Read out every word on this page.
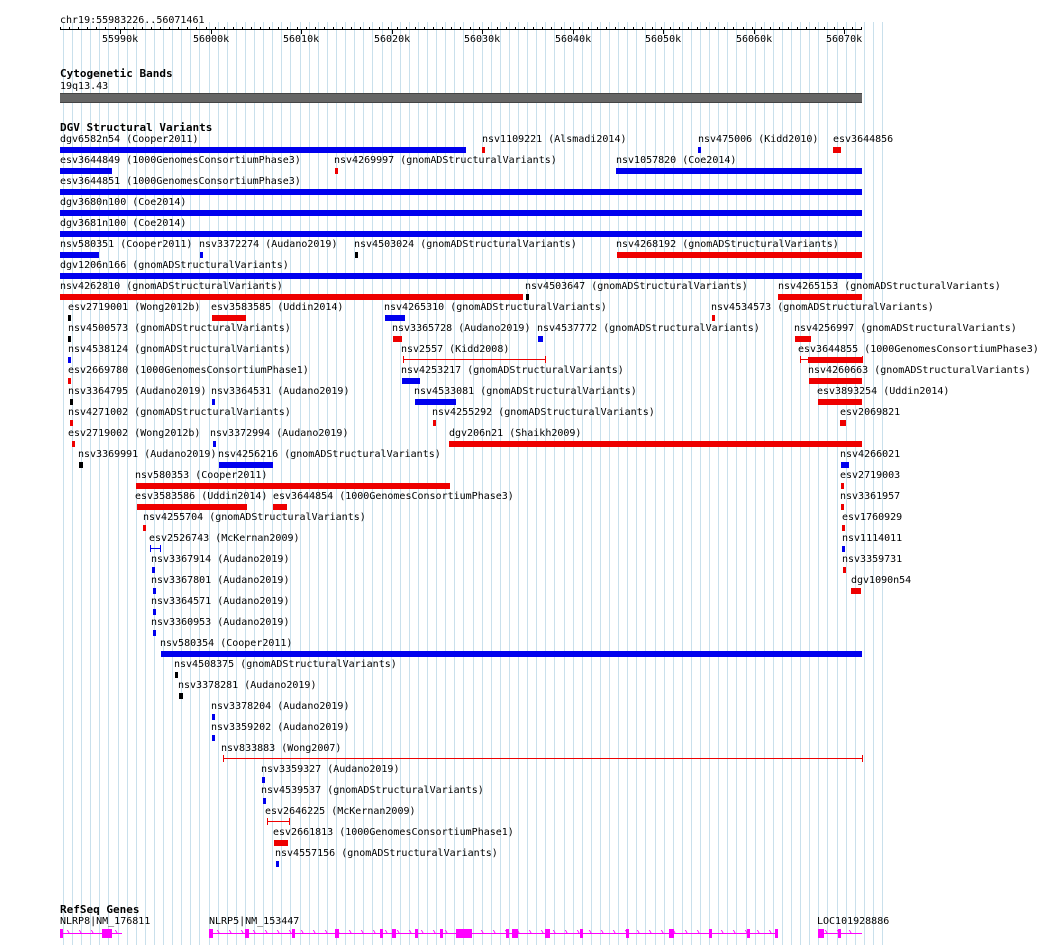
chr19:55983226..56071461
55990k	56000k	56010k	56020k	56030k	56040k	56050k	56060k	56070k
Cytogenetic Bands
19q13.43
DGV Structural Variants
dgv6582n54 (Cooper2011)	nsv1109221 (Alsmadi2014)	nsv475006 (Kidd2010) esv3644856
esv3644849 (1000GenomesConsortiumPhase3)	nsv4269997 (gnomADStructuralVariants)	nsv1057820 (Coe2014)
esv3644851 (1000GenomesConsortiumPhase3)
dgv3680n100 (Coe2014)
dgv3681n100 (Coe2014)
nsv580351 (Cooper2011) nsv3372274 (Audano2019) nsv4503024 (gnomADStructuralVariants)	nsv4268192 (gnomADStructuralVariants)
dgv1206n166 (gnomADStructuralVariants)
nsv4262810 (gnomADStructuralVariants)	nsv4503647 (gnomADStructuralVariants)	nsv4265153 (gnomADStructuralVariants)
esv2719001 (Wong2012b) esv3583585 (Uddin2014)	nsv4265310 (gnomADStructuralVariants)	nsv4534573 (gnomADStructuralVariants)
nsv4500573 (gnomADStructuralVariants)	nsv3365728 (Audano2019) nsv4537772 (gnomADStructuralVariants)	nsv4256997 (gnomADStructuralVariants)
nsv4538124 (gnomADStructuralVariants)	nsv2557 (Kidd2008)	esv3644855 (1000GenomesConsortiumPhase3)
esv2669780 (1000GenomesConsortiumPhase1)	nsv4253217 (gnomADStructuralVariants)	nsv4260663 (gnomADStructuralVariants)
nsv3364795 (Audano2019) nsv3364531 (Audano2019)	nsv4533081 (gnomADStructuralVariants)	esv3893254 (Uddin2014)
nsv4271002 (gnomADStructuralVariants)	nsv4255292 (gnomADStructuralVariants)	esv2069821
esv2719002 (Wong2012b) nsv3372994 (Audano2019)	dgv206n21 (Shaikh2009)
nsv3369991 (Audano2019) nsv4256216 (gnomADStructuralVariants)	nsv4266021
nsv580353 (Cooper2011)	esv2719003
esv3583586 (Uddin2014) esv3644854 (1000GenomesConsortiumPhase3)	nsv3361957
nsv4255704 (gnomADStructuralVariants)	esv1760929
esv2526743 (McKernan2009)	nsv1114011
nsv3367914 (Audano2019)	nsv3359731
nsv3367801 (Audano2019)	dgv1090n54
nsv3364571 (Audano2019)
nsv3360953 (Audano2019)
nsv580354 (Cooper2011)
nsv4508375 (gnomADStructuralVariants)
nsv3378281 (Audano2019)
nsv3378204 (Audano2019)
nsv3359202 (Audano2019)
nsv833883 (Wong2007)
nsv3359327 (Audano2019)
nsv4539537 (gnomADStructuralVariants)
esv2646225 (McKernan2009)
esv2661813 (1000GenomesConsortiumPhase1)
nsv4557156 (gnomADStructuralVariants)
RefSeq Genes
NLRP8|NM_176811	NLRP5|NM_153447	LOC101928886
